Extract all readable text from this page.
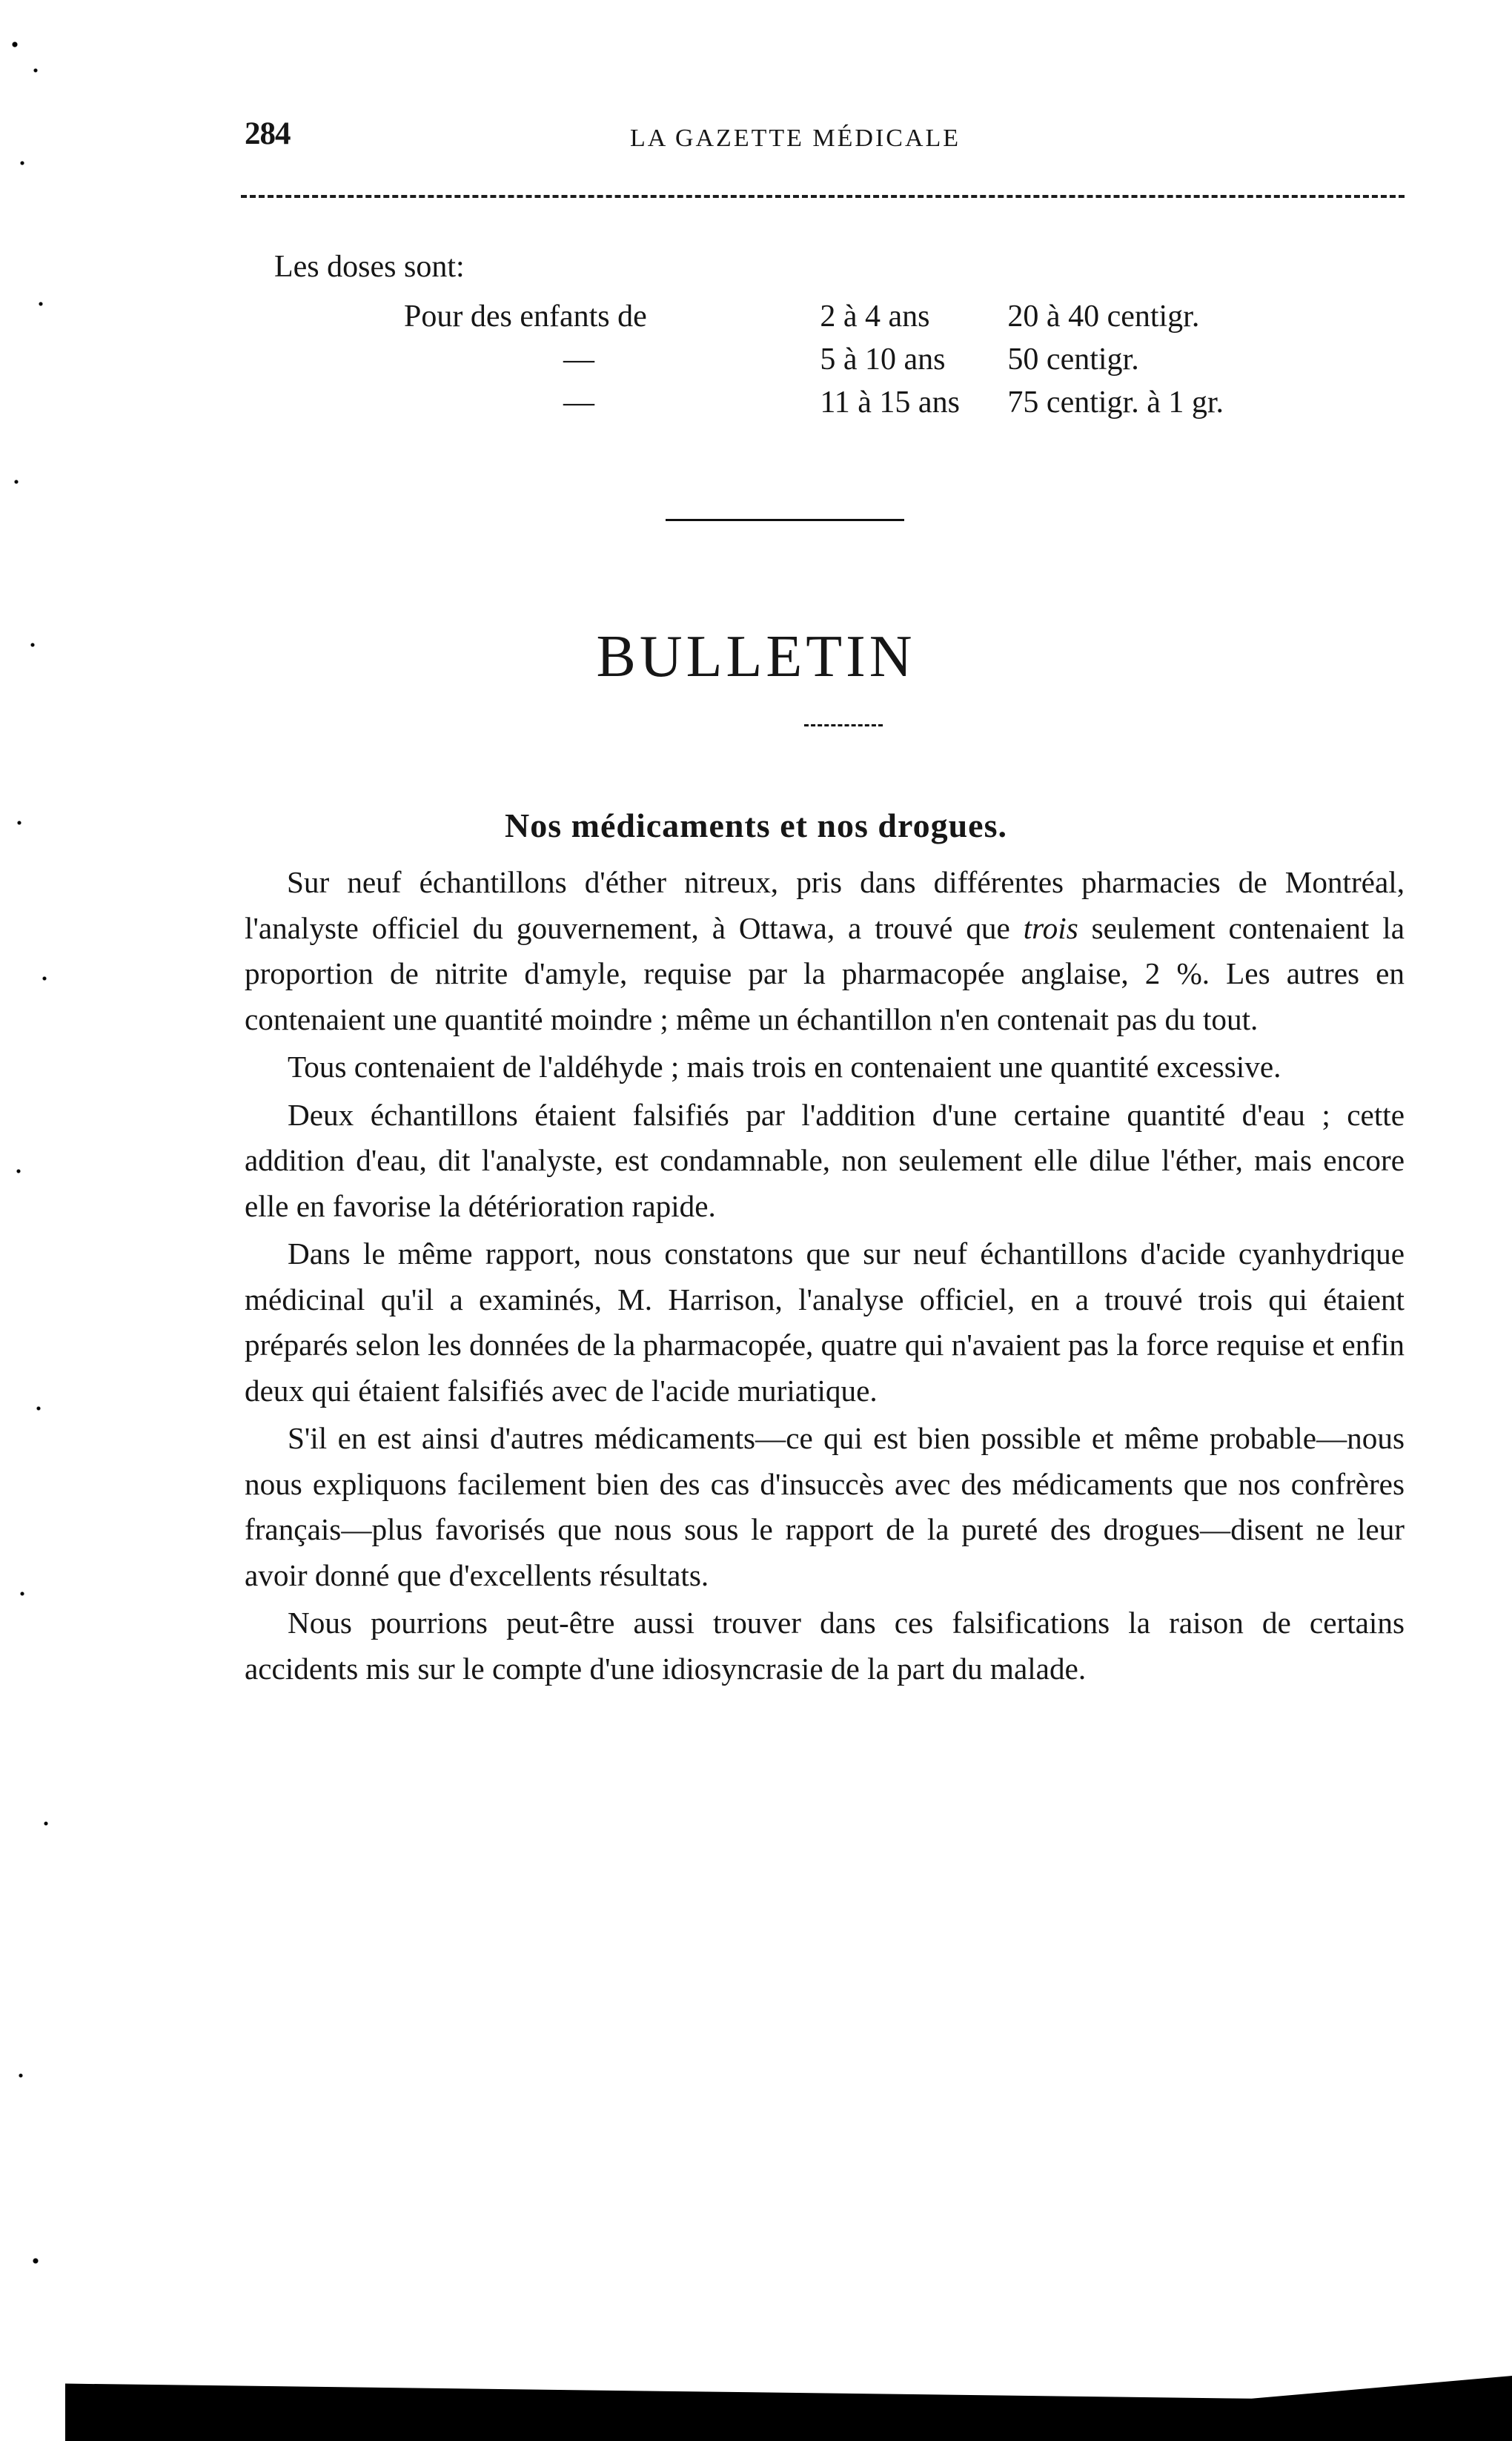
284	LA GAZETTE MÉDICALE
Les doses sont:
Pour des enfants de	2 à 4 ans	20 à 40 centigr.
—	5 à 10 ans	50 centigr.
—	11 à 15 ans	75 centigr. à 1 gr.
BULLETIN
Nos médicaments et nos drogues.

Sur neuf échantillons d'éther nitreux, pris dans différentes pharmacies de Montréal, l'analyste officiel du gouvernement, à Ottawa, a trouvé que trois seulement contenaient la proportion de nitrite d'amyle, requise par la pharmacopée anglaise, 2 %. Les autres en contenaient une quantité moindre ; même un échantillon n'en contenait pas du tout.

Tous contenaient de l'aldéhyde ; mais trois en contenaient une quantité excessive.

Deux échantillons étaient falsifiés par l'addition d'une certaine quantité d'eau ; cette addition d'eau, dit l'analyste, est condamnable, non seulement elle dilue l'éther, mais encore elle en favorise la détérioration rapide.

Dans le même rapport, nous constatons que sur neuf échantillons d'acide cyanhydrique médicinal qu'il a examinés, M. Harrison, l'analyse officiel, en a trouvé trois qui étaient préparés selon les données de la pharmacopée, quatre qui n'avaient pas la force requise et enfin deux qui étaient falsifiés avec de l'acide muriatique.

S'il en est ainsi d'autres médicaments—ce qui est bien possible et même probable—nous nous expliquons facilement bien des cas d'insuccès avec des médicaments que nos confrères français—plus favorisés que nous sous le rapport de la pureté des drogues—disent ne leur avoir donné que d'excellents résultats.

Nous pourrions peut-être aussi trouver dans ces falsifications la raison de certains accidents mis sur le compte d'une idiosyncrasie de la part du malade.
